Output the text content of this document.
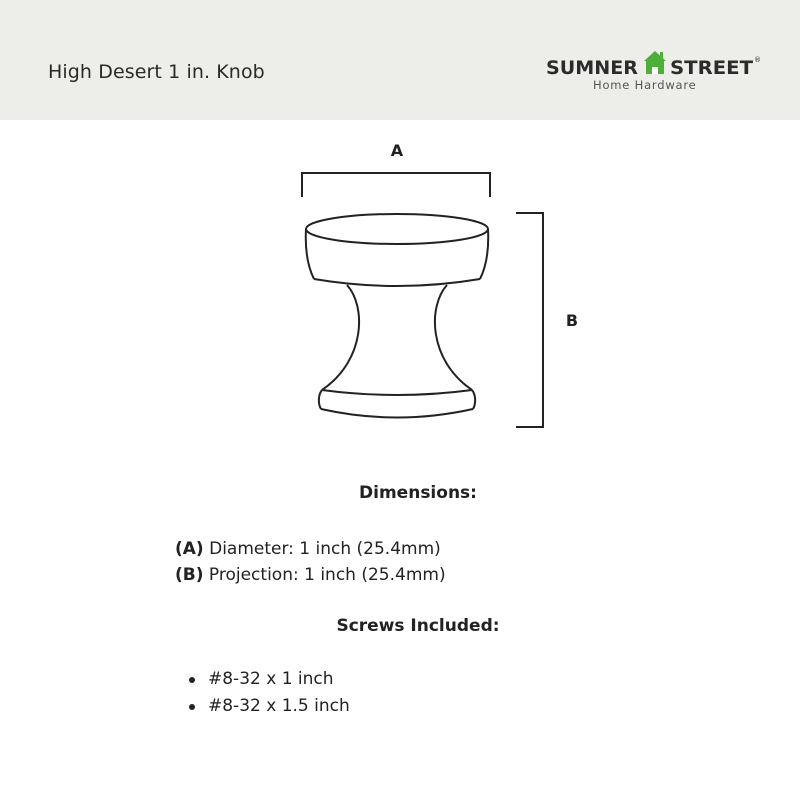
High Desert 1 in. Knob	SUMNER STREET ®
Home Hardware
A
B
Dimensions:
(A) Diameter: 1 inch (25.4mm)
(B) Projection: 1 inch (25.4mm)
Screws Included:
#8-32 x 1 inch
#8-32 x 1.5 inch
